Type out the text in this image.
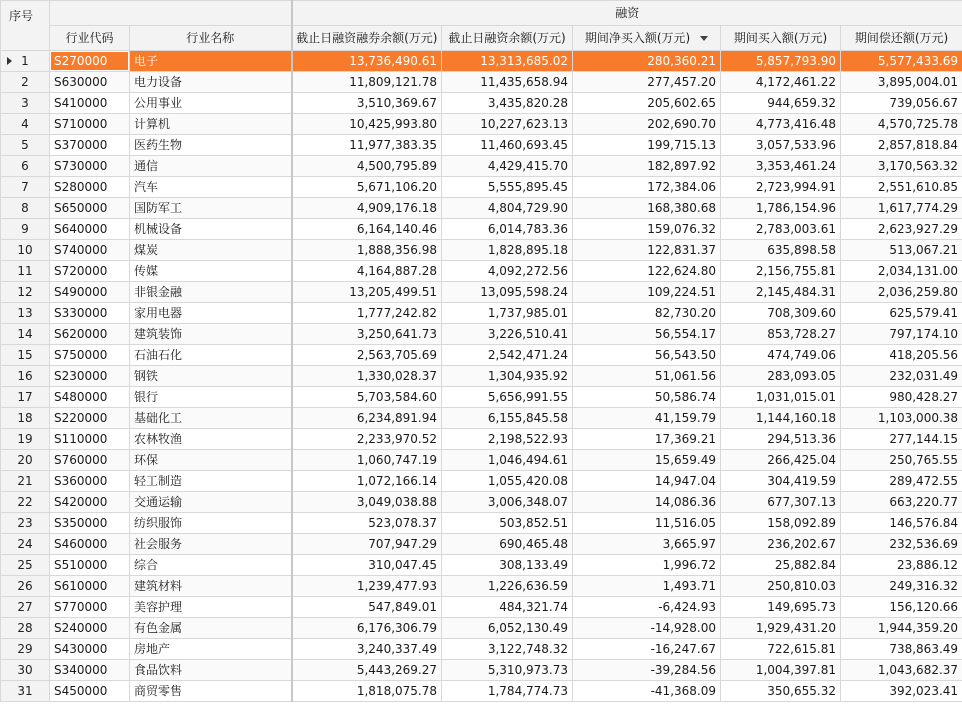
序号			融资				
	行业代码	行业名称	截止日融资融券余额(万元)	截止日融资余额(万元)	期间净买入额(万元)	期间买入额(万元)	期间偿还额(万元)

1	S270000	电子	13,736,490.61	13,313,685.02	280,360.21	5,857,793.90	5,577,433.69
2	S630000	电力设备	11,809,121.78	11,435,658.94	277,457.20	4,172,461.22	3,895,004.01
3	S410000	公用事业	3,510,369.67	3,435,820.28	205,602.65	944,659.32	739,056.67
4	S710000	计算机	10,425,993.80	10,227,623.13	202,690.70	4,773,416.48	4,570,725.78
5	S370000	医药生物	11,977,383.35	11,460,693.45	199,715.13	3,057,533.96	2,857,818.84
6	S730000	通信	4,500,795.89	4,429,415.70	182,897.92	3,353,461.24	3,170,563.32
7	S280000	汽车	5,671,106.20	5,555,895.45	172,384.06	2,723,994.91	2,551,610.85
8	S650000	国防军工	4,909,176.18	4,804,729.90	168,380.68	1,786,154.96	1,617,774.29
9	S640000	机械设备	6,164,140.46	6,014,783.36	159,076.32	2,783,003.61	2,623,927.29
10	S740000	煤炭	1,888,356.98	1,828,895.18	122,831.37	635,898.58	513,067.21
11	S720000	传媒	4,164,887.28	4,092,272.56	122,624.80	2,156,755.81	2,034,131.00
12	S490000	非银金融	13,205,499.51	13,095,598.24	109,224.51	2,145,484.31	2,036,259.80
13	S330000	家用电器	1,777,242.82	1,737,985.01	82,730.20	708,309.60	625,579.41
14	S620000	建筑装饰	3,250,641.73	3,226,510.41	56,554.17	853,728.27	797,174.10
15	S750000	石油石化	2,563,705.69	2,542,471.24	56,543.50	474,749.06	418,205.56
16	S230000	钢铁	1,330,028.37	1,304,935.92	51,061.56	283,093.05	232,031.49
17	S480000	银行	5,703,584.60	5,656,991.55	50,586.74	1,031,015.01	980,428.27
18	S220000	基础化工	6,234,891.94	6,155,845.58	41,159.79	1,144,160.18	1,103,000.38
19	S110000	农林牧渔	2,233,970.52	2,198,522.93	17,369.21	294,513.36	277,144.15
20	S760000	环保	1,060,747.19	1,046,494.61	15,659.49	266,425.04	250,765.55
21	S360000	轻工制造	1,072,166.14	1,055,420.08	14,947.04	304,419.59	289,472.55
22	S420000	交通运输	3,049,038.88	3,006,348.07	14,086.36	677,307.13	663,220.77
23	S350000	纺织服饰	523,078.37	503,852.51	11,516.05	158,092.89	146,576.84
24	S460000	社会服务	707,947.29	690,465.48	3,665.97	236,202.67	232,536.69
25	S510000	综合	310,047.45	308,133.49	1,996.72	25,882.84	23,886.12
26	S610000	建筑材料	1,239,477.93	1,226,636.59	1,493.71	250,810.03	249,316.32
27	S770000	美容护理	547,849.01	484,321.74	-6,424.93	149,695.73	156,120.66
28	S240000	有色金属	6,176,306.79	6,052,130.49	-14,928.00	1,929,431.20	1,944,359.20
29	S430000	房地产	3,240,337.49	3,122,748.32	-16,247.67	722,615.81	738,863.49
30	S340000	食品饮料	5,443,269.27	5,310,973.73	-39,284.56	1,004,397.81	1,043,682.37
31	S450000	商贸零售	1,818,075.78	1,784,774.73	-41,368.09	350,655.32	392,023.41
